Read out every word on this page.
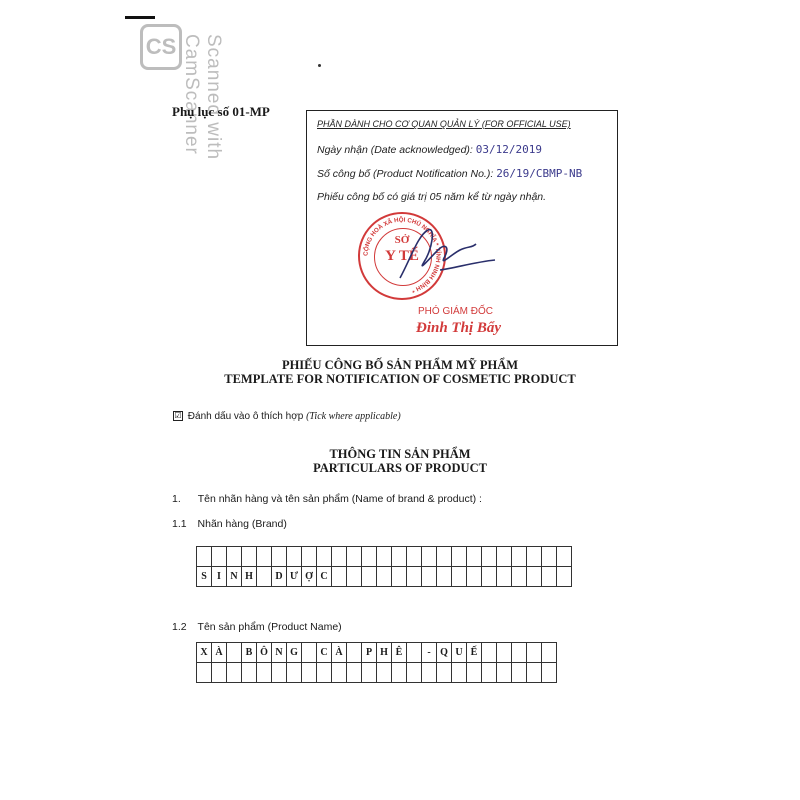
CS	Scanned with CamScanner
Phụ lục số 01-MP
PHẦN DÀNH CHO CƠ QUAN QUẢN LÝ (FOR OFFICIAL USE)
Ngày nhận (Date acknowledged): 03/12/2019
Số công bố (Product Notification No.): 26/19/CBMP-NB
Phiếu công bố có giá trị 05 năm kể từ ngày nhận.
CỘNG HOÀ XÃ HỘI CHỦ NGHĨA * TỈNH NINH BÌNH *
SỞ
Y TẾ
PHÓ GIÁM ĐỐC
Đinh Thị Bẩy
PHIẾU CÔNG BỐ SẢN PHẨM MỸ PHẨM
TEMPLATE FOR NOTIFICATION OF COSMETIC PRODUCT
☑ Đánh dấu vào ô thích hợp (Tick where applicable)
THÔNG TIN SẢN PHẨM
PARTICULARS OF PRODUCT
1. Tên nhãn hàng và tên sản phẩm (Name of brand & product) :
1.1 Nhãn hàng (Brand)

S	I	N	H		D	Ư	Ợ	C																
1.2 Tên sản phẩm (Product Name)
X	À		B	Ô	N	G		C	À		P	H	Ê		-	Q	U	Ế					
